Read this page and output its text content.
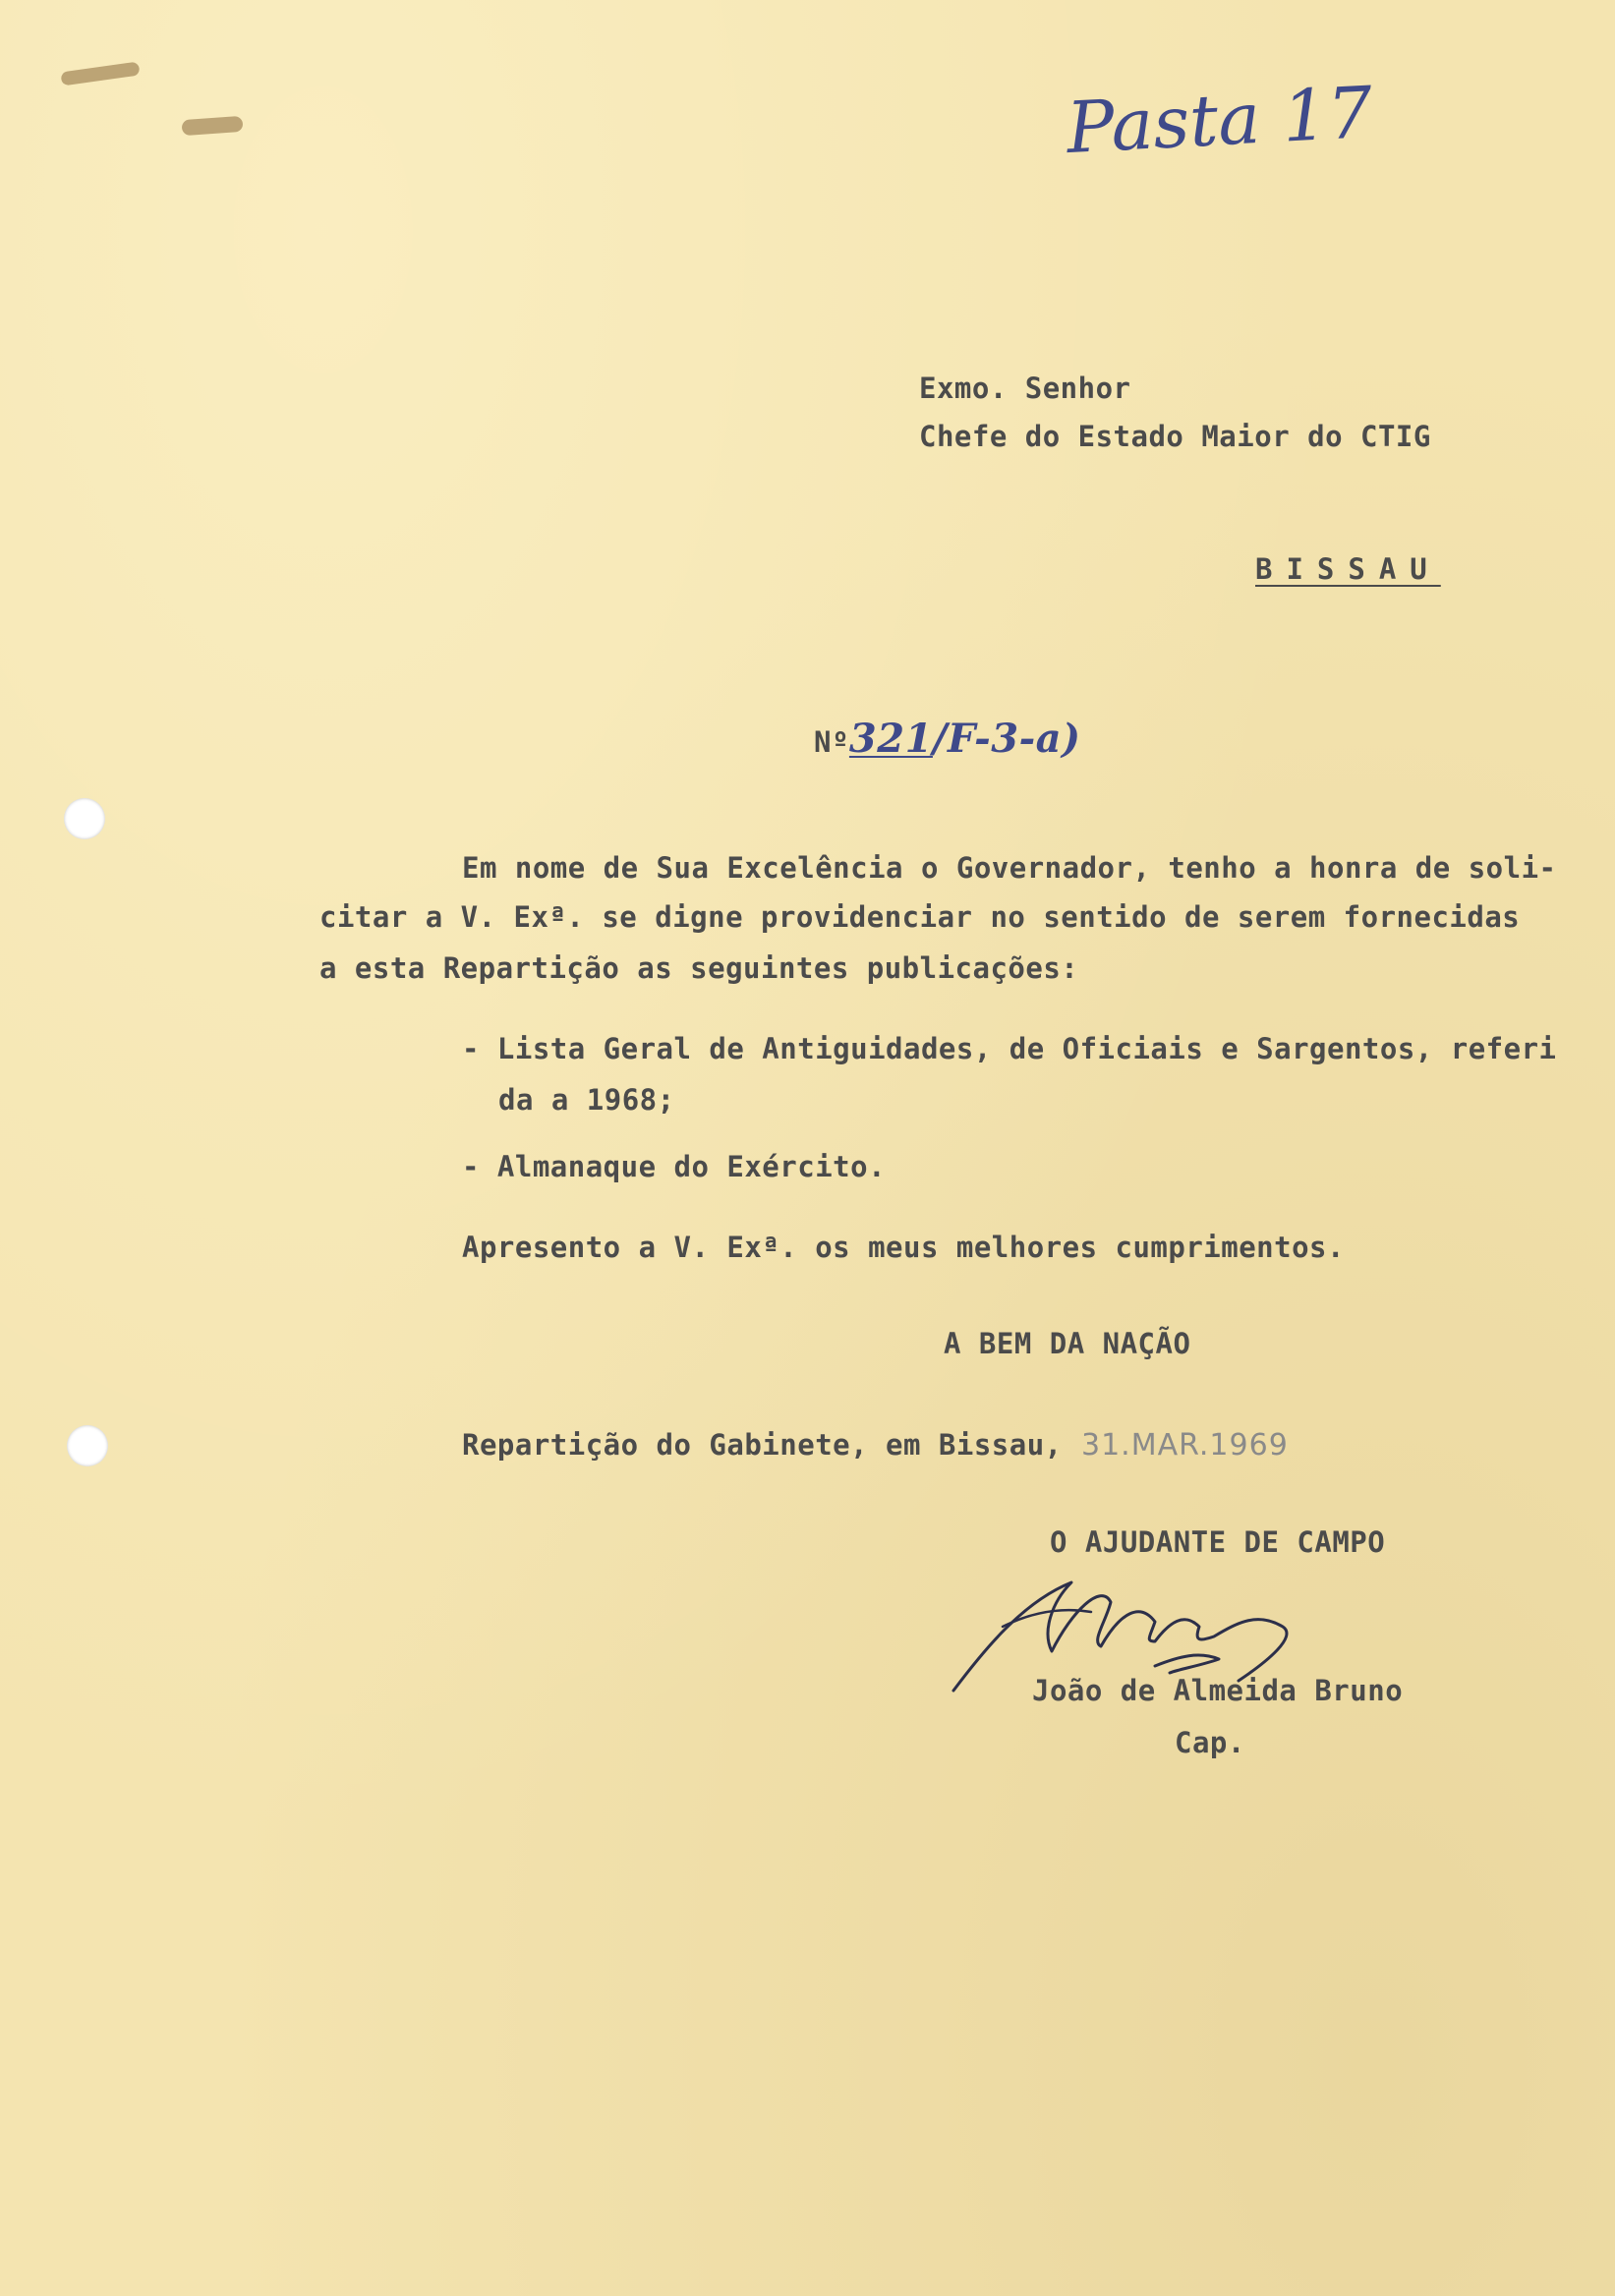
Pasta 17
Exmo. Senhor
Chefe do Estado Maior do CTIG
BISSAU
Nº321/F-3-a)
Em nome de Sua Excelência o Governador, tenho a honra de soli-
citar a V. Exª. se digne providenciar no sentido de serem fornecidas
a esta Repartição as seguintes publicações:
- Lista Geral de Antiguidades, de Oficiais e Sargentos, referi
da a 1968;
- Almanaque do Exército.
Apresento a V. Exª. os meus melhores cumprimentos.
A BEM DA NAÇÃO
Repartição do Gabinete, em Bissau, 31.MAR.1969
O AJUDANTE DE CAMPO
João de Almeida Bruno
Cap.
